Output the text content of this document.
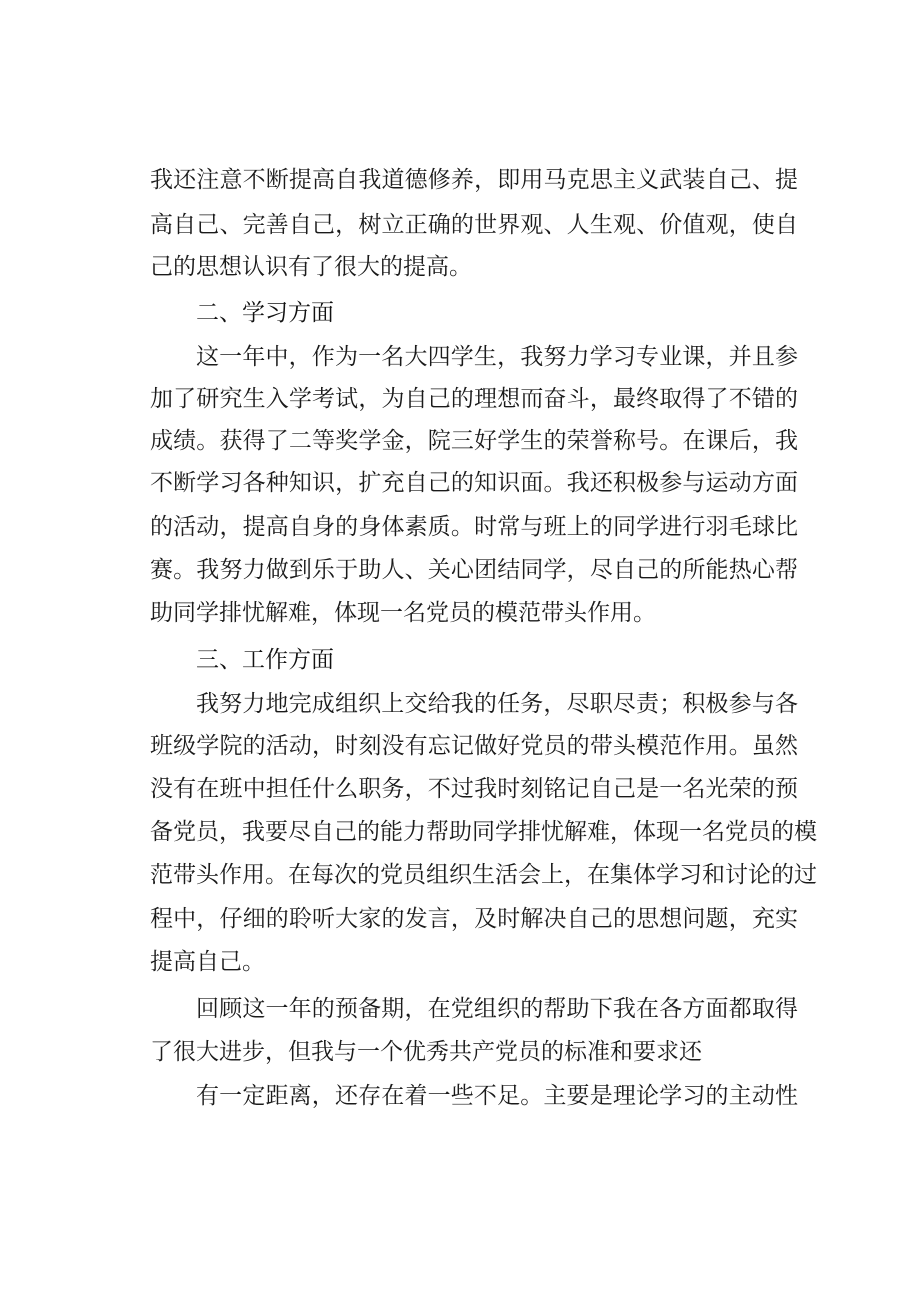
我还注意不断提高自我道德修养，即用马克思主义武装自己、提
高自己、完善自己，树立正确的世界观、人生观、价值观，使自
己的思想认识有了很大的提高。
二、学习方面
这一年中，作为一名大四学生，我努力学习专业课，并且参
加了研究生入学考试，为自己的理想而奋斗，最终取得了不错的
成绩。获得了二等奖学金，院三好学生的荣誉称号。在课后，我
不断学习各种知识，扩充自己的知识面。我还积极参与运动方面
的活动，提高自身的身体素质。时常与班上的同学进行羽毛球比
赛。我努力做到乐于助人、关心团结同学，尽自己的所能热心帮
助同学排忧解难，体现一名党员的模范带头作用。
三、工作方面
我努力地完成组织上交给我的任务，尽职尽责；积极参与各
班级学院的活动，时刻没有忘记做好党员的带头模范作用。虽然
没有在班中担任什么职务，不过我时刻铭记自己是一名光荣的预
备党员，我要尽自己的能力帮助同学排忧解难，体现一名党员的模
范带头作用。在每次的党员组织生活会上，在集体学习和讨论的过
程中，仔细的聆听大家的发言，及时解决自己的思想问题，充实
提高自己。
回顾这一年的预备期，在党组织的帮助下我在各方面都取得
了很大进步，但我与一个优秀共产党员的标准和要求还
有一定距离，还存在着一些不足。主要是理论学习的主动性
